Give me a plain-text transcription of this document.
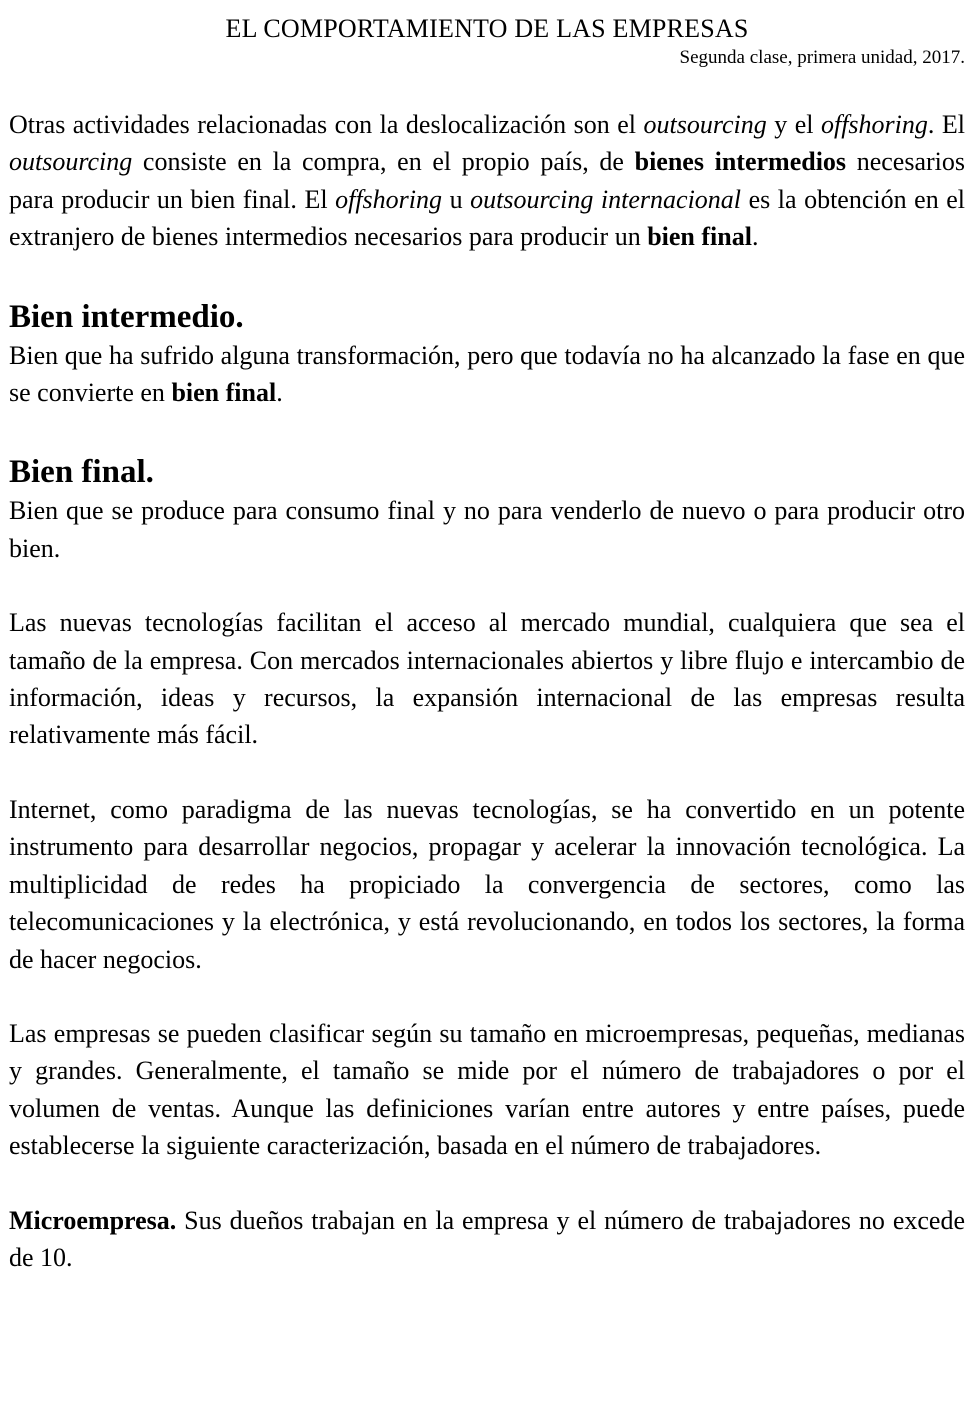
EL COMPORTAMIENTO DE LAS EMPRESAS
Segunda clase, primera unidad, 2017.

Otras actividades relacionadas con la deslocalización son el outsourcing y el offshoring. El outsourcing consiste en la compra, en el propio país, de bienes intermedios necesarios para producir un bien final. El offshoring u outsourcing internacional es la obtención en el extranjero de bienes intermedios necesarios para producir un bien final.

Bien intermedio.

Bien que ha sufrido alguna transformación, pero que todavía no ha alcanzado la fase en que se convierte en bien final.

Bien final.

Bien que se produce para consumo final y no para venderlo de nuevo o para producir otro bien.

Las nuevas tecnologías facilitan el acceso al mercado mundial, cualquiera que sea el tamaño de la empresa. Con mercados internacionales abiertos y libre flujo e intercambio de información, ideas y recursos, la expansión internacional de las empresas resulta relativamente más fácil.

Internet, como paradigma de las nuevas tecnologías, se ha convertido en un potente instrumento para desarrollar negocios, propagar y acelerar la innovación tecnológica. La multiplicidad de redes ha propiciado la convergencia de sectores, como las telecomunicaciones y la electrónica, y está revolucionando, en todos los sectores, la forma de hacer negocios.

Las empresas se pueden clasificar según su tamaño en microempresas, pequeñas, medianas y grandes. Generalmente, el tamaño se mide por el número de trabajadores o por el volumen de ventas. Aunque las definiciones varían entre autores y entre países, puede establecerse la siguiente caracterización, basada en el número de trabajadores.

Microempresa. Sus dueños trabajan en la empresa y el número de trabajadores no excede de 10.
